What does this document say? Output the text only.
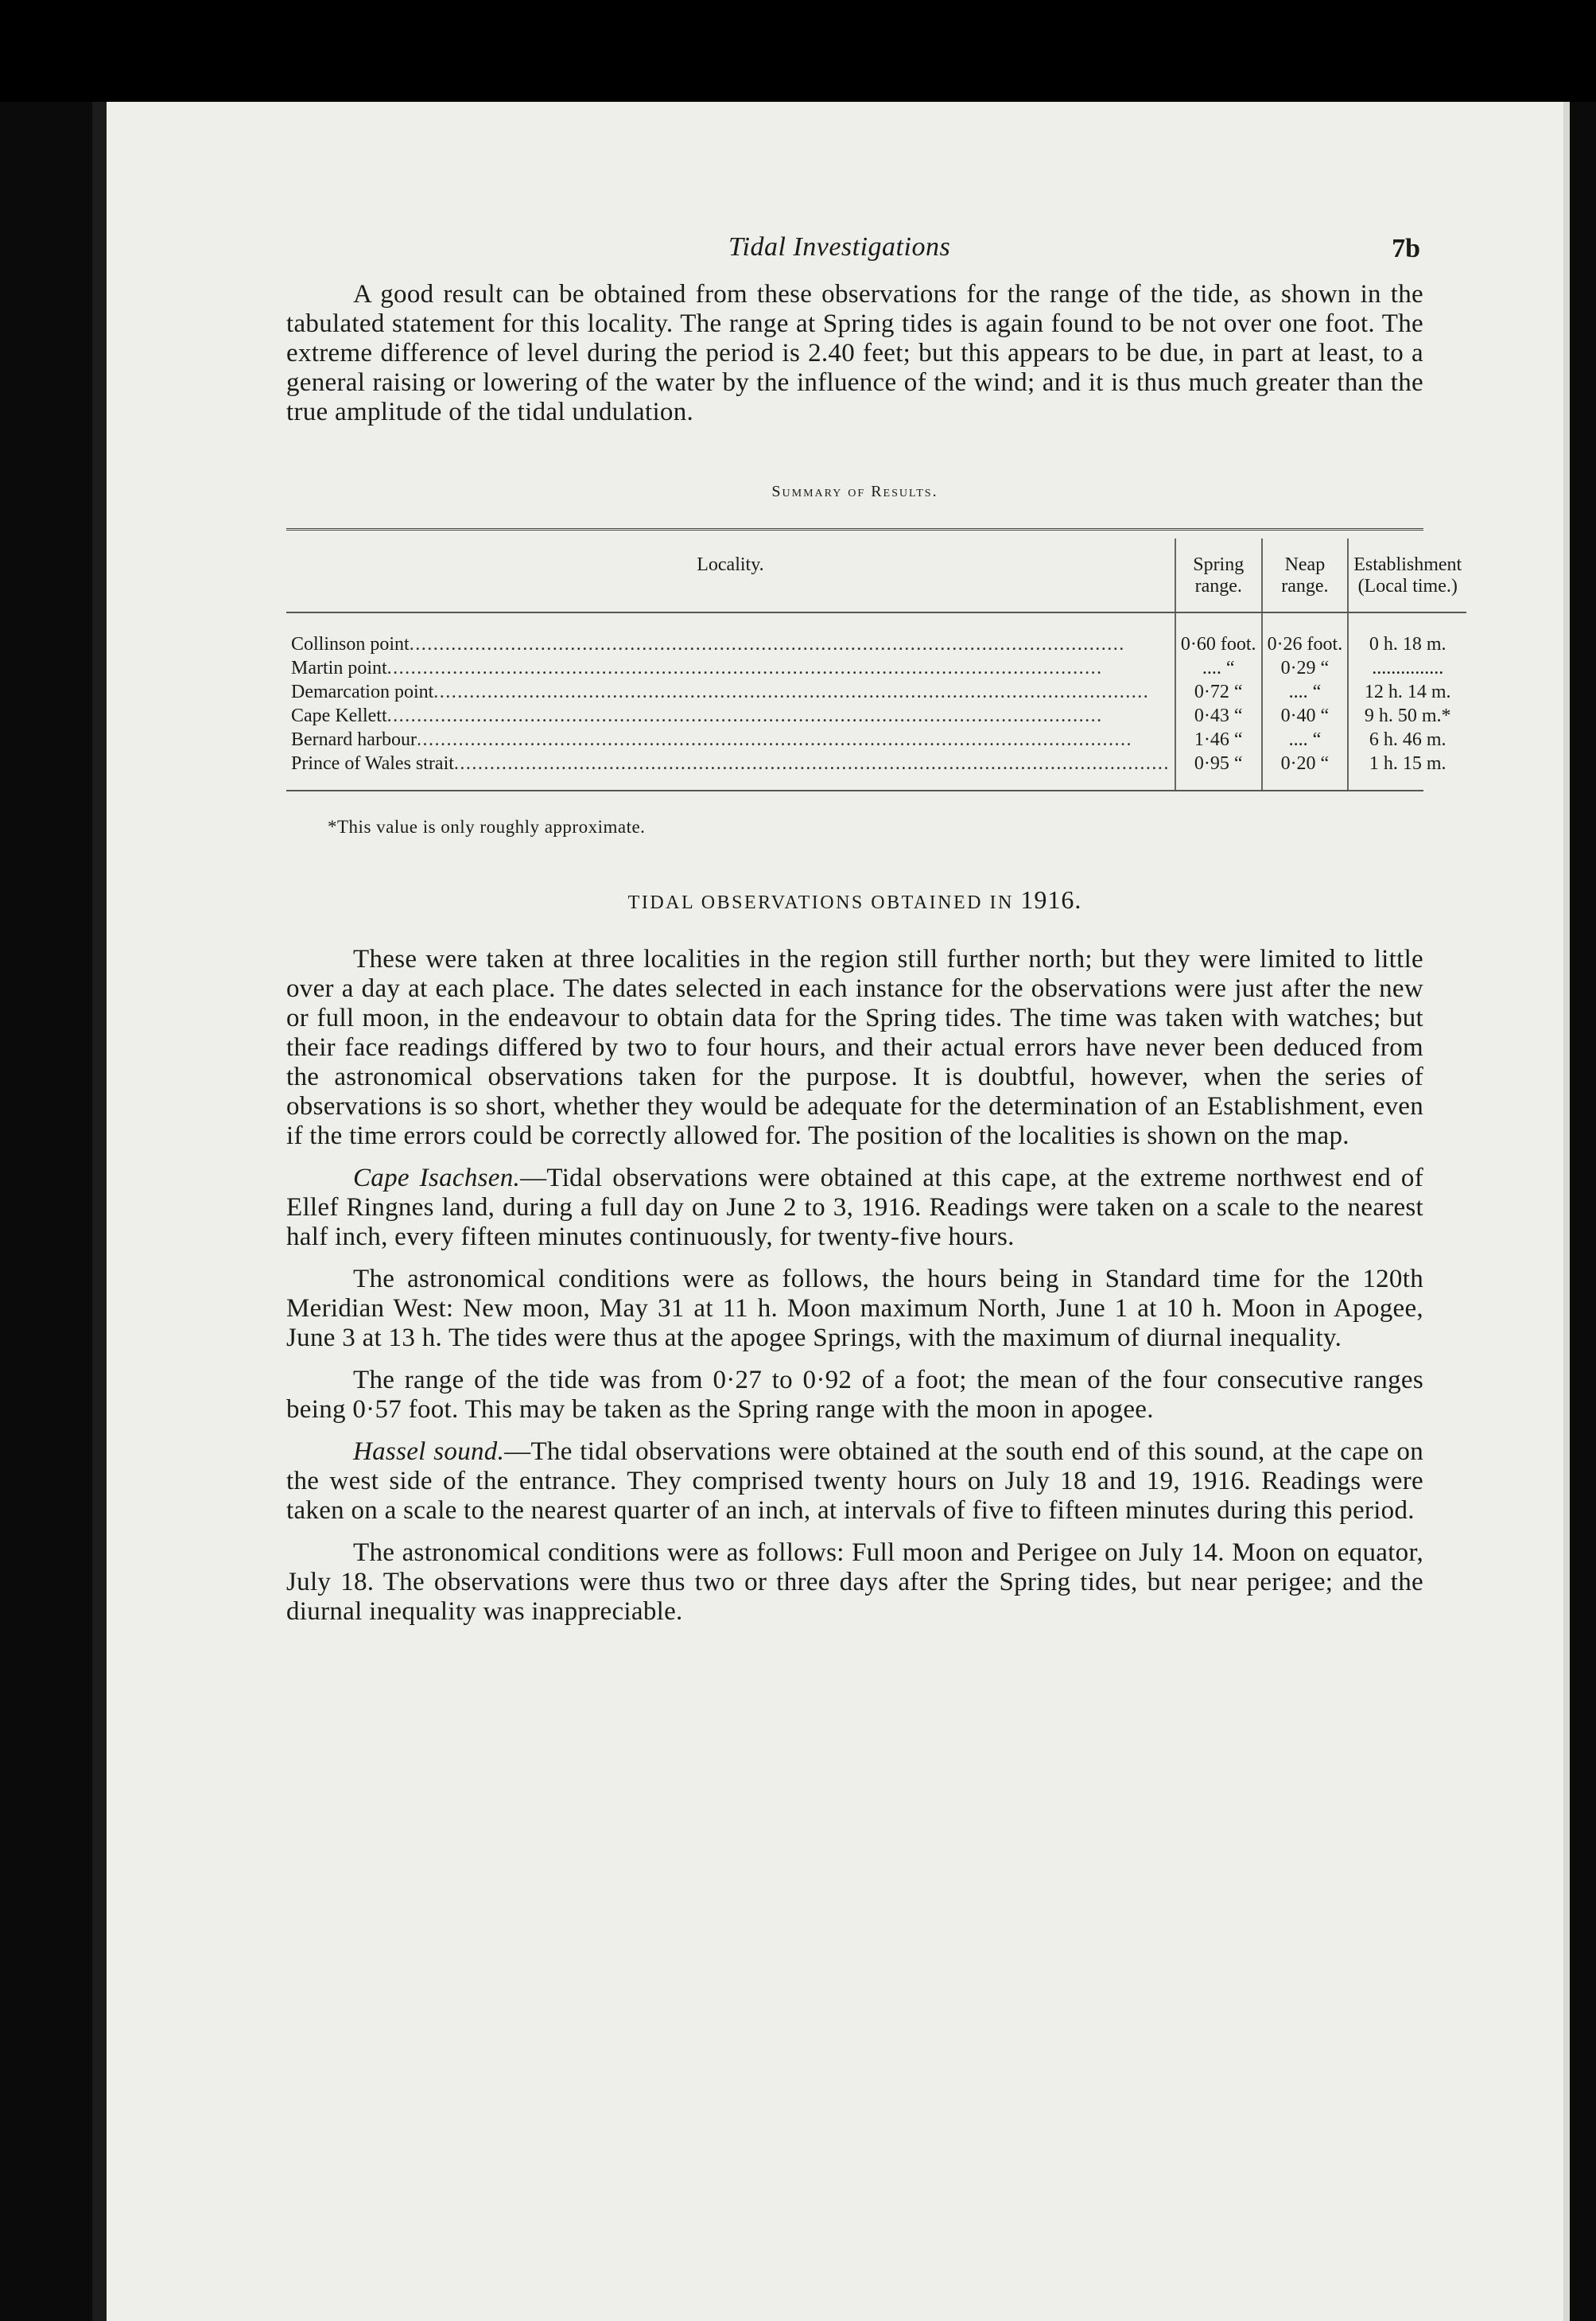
Tidal Investigations	7b

A good result can be obtained from these observations for the range of the tide, as shown in the tabulated statement for this locality. The range at Spring tides is again found to be not over one foot. The extreme difference of level during the period is 2.40 feet; but this appears to be due, in part at least, to a general raising or lowering of the water by the influence of the wind; and it is thus much greater than the true amplitude of the tidal undulation.

Summary of Results.
Locality.	Spring range.	Neap range.	Establishment (Local time.)
Collinson point........................................................................................................................	0·60 foot.	0·26 foot.	0 h. 18 m.
Martin point........................................................................................................................	.... “	0·29 “	...............
Demarcation point........................................................................................................................	0·72 “	.... “	12 h. 14 m.
Cape Kellett........................................................................................................................	0·43 “	0·40 “	9 h. 50 m.*
Bernard harbour........................................................................................................................	1·46 “	.... “	6 h. 46 m.
Prince of Wales strait........................................................................................................................	0·95 “	0·20 “	1 h. 15 m.
*This value is only roughly approximate.
TIDAL OBSERVATIONS OBTAINED IN 1916.

These were taken at three localities in the region still further north; but they were limited to little over a day at each place. The dates selected in each instance for the observations were just after the new or full moon, in the endeavour to obtain data for the Spring tides. The time was taken with watches; but their face readings differed by two to four hours, and their actual errors have never been deduced from the astronomical observations taken for the purpose. It is doubtful, however, when the series of observations is so short, whether they would be adequate for the determination of an Establishment, even if the time errors could be correctly allowed for. The position of the localities is shown on the map.

Cape Isachsen.—Tidal observations were obtained at this cape, at the extreme northwest end of Ellef Ringnes land, during a full day on June 2 to 3, 1916. Readings were taken on a scale to the nearest half inch, every fifteen minutes continuously, for twenty-five hours.

The astronomical conditions were as follows, the hours being in Standard time for the 120th Meridian West: New moon, May 31 at 11 h. Moon maximum North, June 1 at 10 h. Moon in Apogee, June 3 at 13 h. The tides were thus at the apogee Springs, with the maximum of diurnal inequality.

The range of the tide was from 0·27 to 0·92 of a foot; the mean of the four consecutive ranges being 0·57 foot. This may be taken as the Spring range with the moon in apogee.

Hassel sound.—The tidal observations were obtained at the south end of this sound, at the cape on the west side of the entrance. They comprised twenty hours on July 18 and 19, 1916. Readings were taken on a scale to the nearest quarter of an inch, at intervals of five to fifteen minutes during this period.

The astronomical conditions were as follows: Full moon and Perigee on July 14. Moon on equator, July 18. The observations were thus two or three days after the Spring tides, but near perigee; and the diurnal inequality was inappreciable.
